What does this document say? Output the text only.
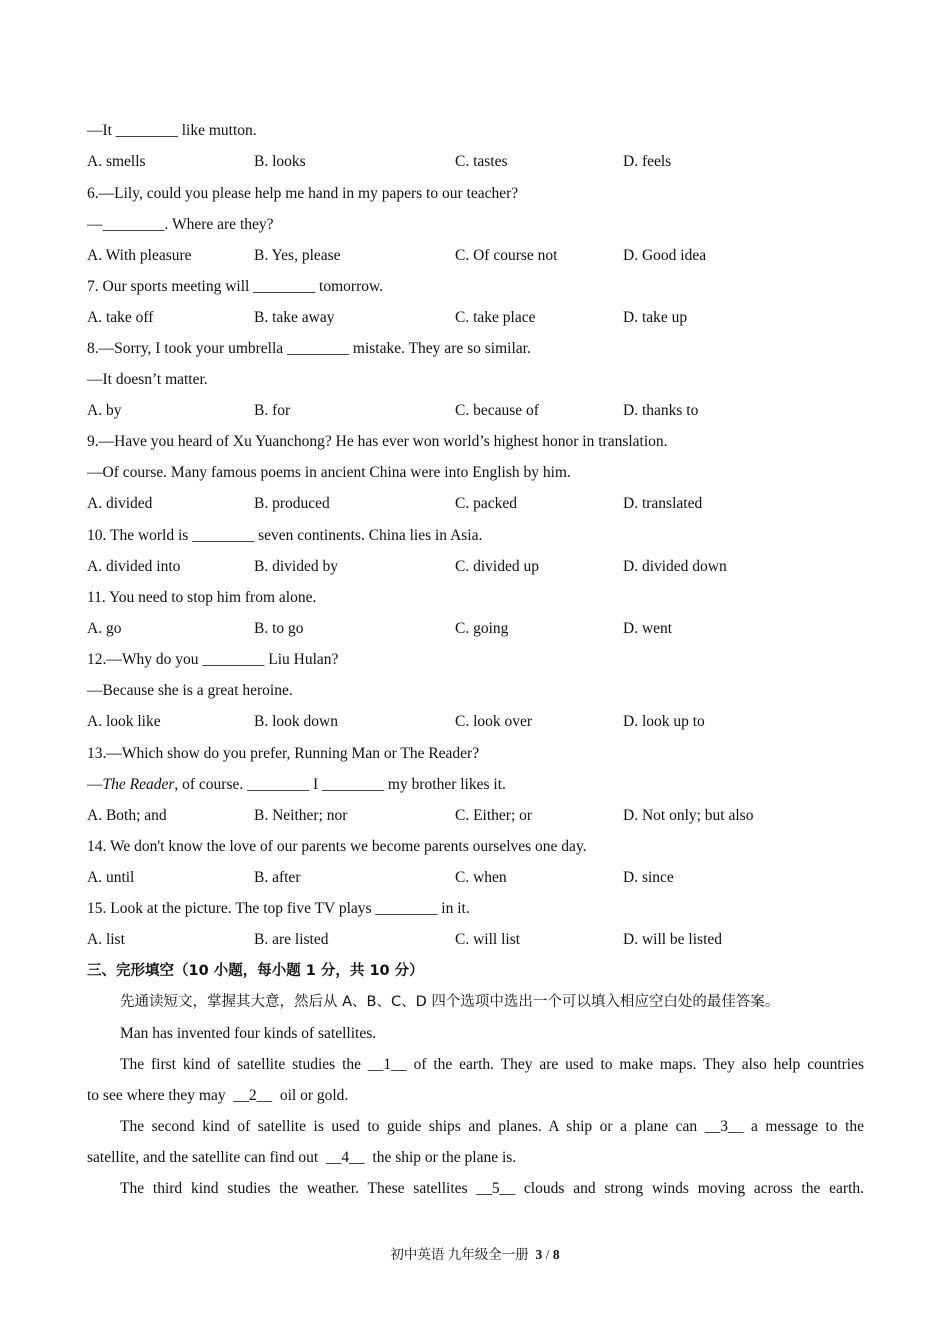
—It ________ like mutton.
A. smells	B. looks	C. tastes	D. feels
6.—Lily, could you please help me hand in my papers to our teacher?
—________. Where are they?
A. With pleasure	B. Yes, please	C. Of course not	D. Good idea
7. Our sports meeting will ________ tomorrow.
A. take off	B. take away	C. take place	D. take up
8.—Sorry, I took your umbrella ________ mistake. They are so similar.
—It doesn’t matter.
A. by	B. for	C. because of	D. thanks to
9.—Have you heard of Xu Yuanchong? He has ever won world’s highest honor in translation.
—Of course. Many famous poems in ancient China were into English by him.
A. divided	B. produced	C. packed	D. translated
10. The world is ________ seven continents. China lies in Asia.
A. divided into	B. divided by	C. divided up	D. divided down
11. You need to stop him from alone.
A. go	B. to go	C. going	D. went
12.—Why do you ________ Liu Hulan?
—Because she is a great heroine.
A. look like	B. look down	C. look over	D. look up to
13.—Which show do you prefer, Running Man or The Reader?
—The Reader, of course. ________ I ________ my brother likes it.
A. Both; and	B. Neither; nor	C. Either; or	D. Not only; but also
14. We don't know the love of our parents we become parents ourselves one day.
A. until	B. after	C. when	D. since
15. Look at the picture. The top five TV plays ________ in it.
A. list	B. are listed	C. will list	D. will be listed
三、完形填空（10 小题，每小题 1 分，共 10 分）
先通读短文，掌握其大意，然后从 A、B、C、D 四个选项中选出一个可以填入相应空白处的最佳答案。
Man has invented four kinds of satellites.
The first kind of satellite studies the __1__ of the earth. They are used to make maps. They also help countries
to see where they may __2__ oil or gold.
The second kind of satellite is used to guide ships and planes. A ship or a plane can __3__ a message to the
satellite, and the satellite can find out __4__ the ship or the plane is.
The third kind studies the weather. These satellites __5__ clouds and strong winds moving across the earth.
初中英语 九年级全一册 3 / 8
